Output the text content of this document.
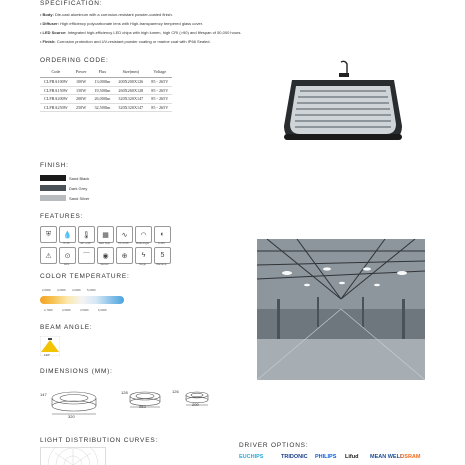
SPECIFICATION:
• Body: Die-cast aluminum with a corrosion-resistant powder-coated finish.
• Diffuser: High efficiency polycarbonate lens with High-transparency tempered glass cover.
• LED Source: Integrated high-efficiency LED chips with high lumen, high CRI (>90) and lifespan of 50,000 hours.
• Finish: Corrosion protection and UV-resistant powder coating or marine coat with IP66 Sealed.
ORDERING CODE:
Code	Power	Flux	Size(mm)	Voltage
CLFRA100W	100W	13,000lm	200X200X126	85 - 265V
CLFRA150W	150W	19,500lm	260X260X128	85 - 265V
CLFRA200W	200W	26,000lm	320X320X147	85 - 265V
CLFRA250W	250W	32,500lm	320X320X147	85 - 265V
FINISH:
Sand Black
Dark Grey
Sand Silver
FEATURES:
⛨	💧
IP 66
🌡
-40°~+50°
▦
LED Chip
∿
PF>0.95
◠
Wide Angle
◐
0-10V
⚠	⊙
Lens
⌒	◉
Sensor
⊕	ϟ
Surge
5
Warranty
COLOR TEMPERATURE:
2,000K 3,000K 4,000K 5,000K
2,700K	3,500K	4,500K	6,000K
BEAM ANGLE:
120°
DIMENSIONS (MM):
147
320
128
263
126
200
LIGHT DISTRIBUTION CURVES:
DRIVER OPTIONS:
EUCHIPS	TRIDONIC PHILIPS Lifud MEAN WELL
OSRAM
